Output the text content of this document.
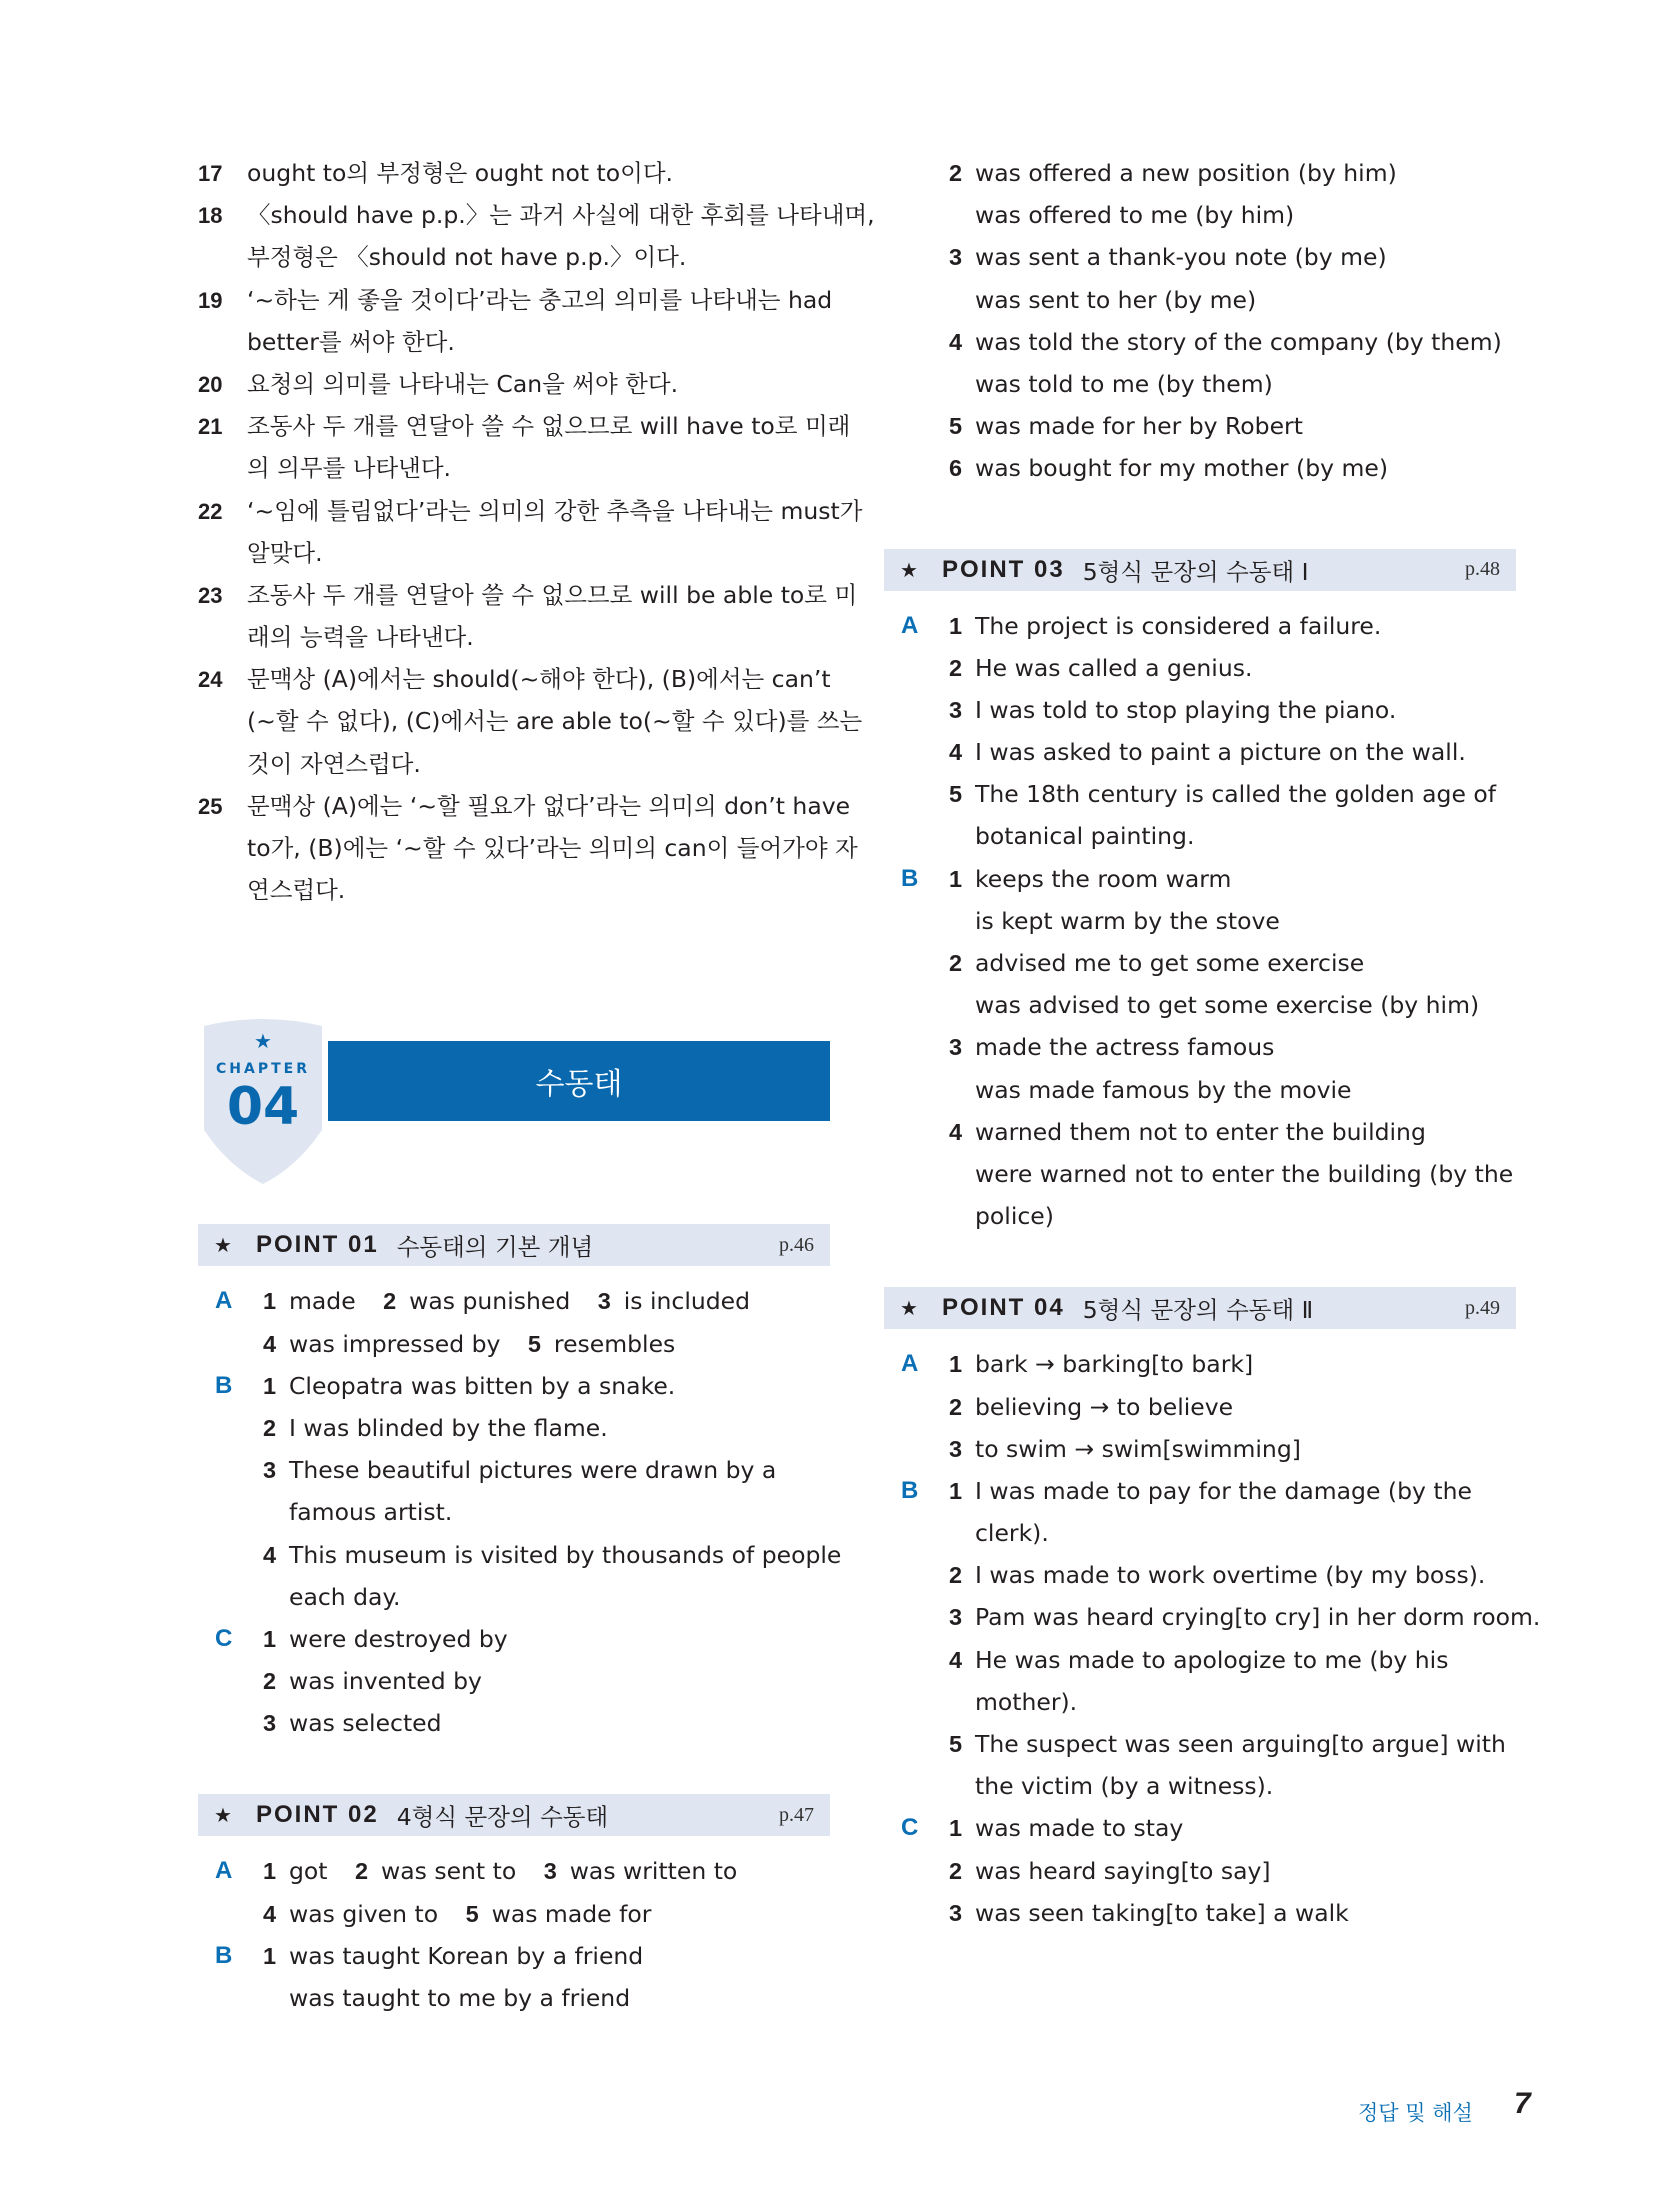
17 ought to의 부정형은 ought not to이다.
18 〈should have p.p.〉는 과거 사실에 대한 후회를 나타내며,
부정형은 〈should not have p.p.〉이다.
19 ‘~하는 게 좋을 것이다’라는 충고의 의미를 나타내는 had
better를 써야 한다.
20 요청의 의미를 나타내는 Can을 써야 한다.
21 조동사 두 개를 연달아 쓸 수 없으므로 will have to로 미래
의 의무를 나타낸다.
22 ‘~임에 틀림없다’라는 의미의 강한 추측을 나타내는 must가
알맞다.
23 조동사 두 개를 연달아 쓸 수 없으므로 will be able to로 미
래의 능력을 나타낸다.
24 문맥상 (A)에서는 should(~해야 한다), (B)에서는 can’t
(~할 수 없다), (C)에서는 are able to(~할 수 있다)를 쓰는
것이 자연스럽다.
25 문맥상 (A)에는 ‘~할 필요가 없다’라는 의미의 don’t have
to가, (B)에는 ‘~할 수 있다’라는 의미의 can이 들어가야 자
연스럽다.
★
CHAPTER
04	수동태
★	POINT 01 수동태의 기본 개념	p.46
A 1 made 2 was punished 3 is included
4 was impressed by 5 resembles
B 1 Cleopatra was bitten by a snake.
2 I was blinded by the flame.
3 These beautiful pictures were drawn by a
famous artist.
4 This museum is visited by thousands of people
each day.
C 1 were destroyed by
2 was invented by
3 was selected
★	POINT 02 4형식 문장의 수동태	p.47
A 1 got 2 was sent to 3 was written to
4 was given to 5 was made for
B 1 was taught Korean by a friend
was taught to me by a friend
2 was offered a new position (by him)
was offered to me (by him)
3 was sent a thank-you note (by me)
was sent to her (by me)
4 was told the story of the company (by them)
was told to me (by them)
5 was made for her by Robert
6 was bought for my mother (by me)
★	POINT 03 5형식 문장의 수동태 Ⅰ	p.48
A 1 The project is considered a failure.
2 He was called a genius.
3 I was told to stop playing the piano.
4 I was asked to paint a picture on the wall.
5 The 18th century is called the golden age of
botanical painting.
B 1 keeps the room warm
is kept warm by the stove
2 advised me to get some exercise
was advised to get some exercise (by him)
3 made the actress famous
was made famous by the movie
4 warned them not to enter the building
were warned not to enter the building (by the
police)
★	POINT 04 5형식 문장의 수동태 Ⅱ	p.49
A 1 bark → barking[to bark]
2 believing → to believe
3 to swim → swim[swimming]
B 1 I was made to pay for the damage (by the
clerk).
2 I was made to work overtime (by my boss).
3 Pam was heard crying[to cry] in her dorm room.
4 He was made to apologize to me (by his
mother).
5 The suspect was seen arguing[to argue] with
the victim (by a witness).
C 1 was made to stay
2 was heard saying[to say]
3 was seen taking[to take] a walk
정답 및 해설 7
